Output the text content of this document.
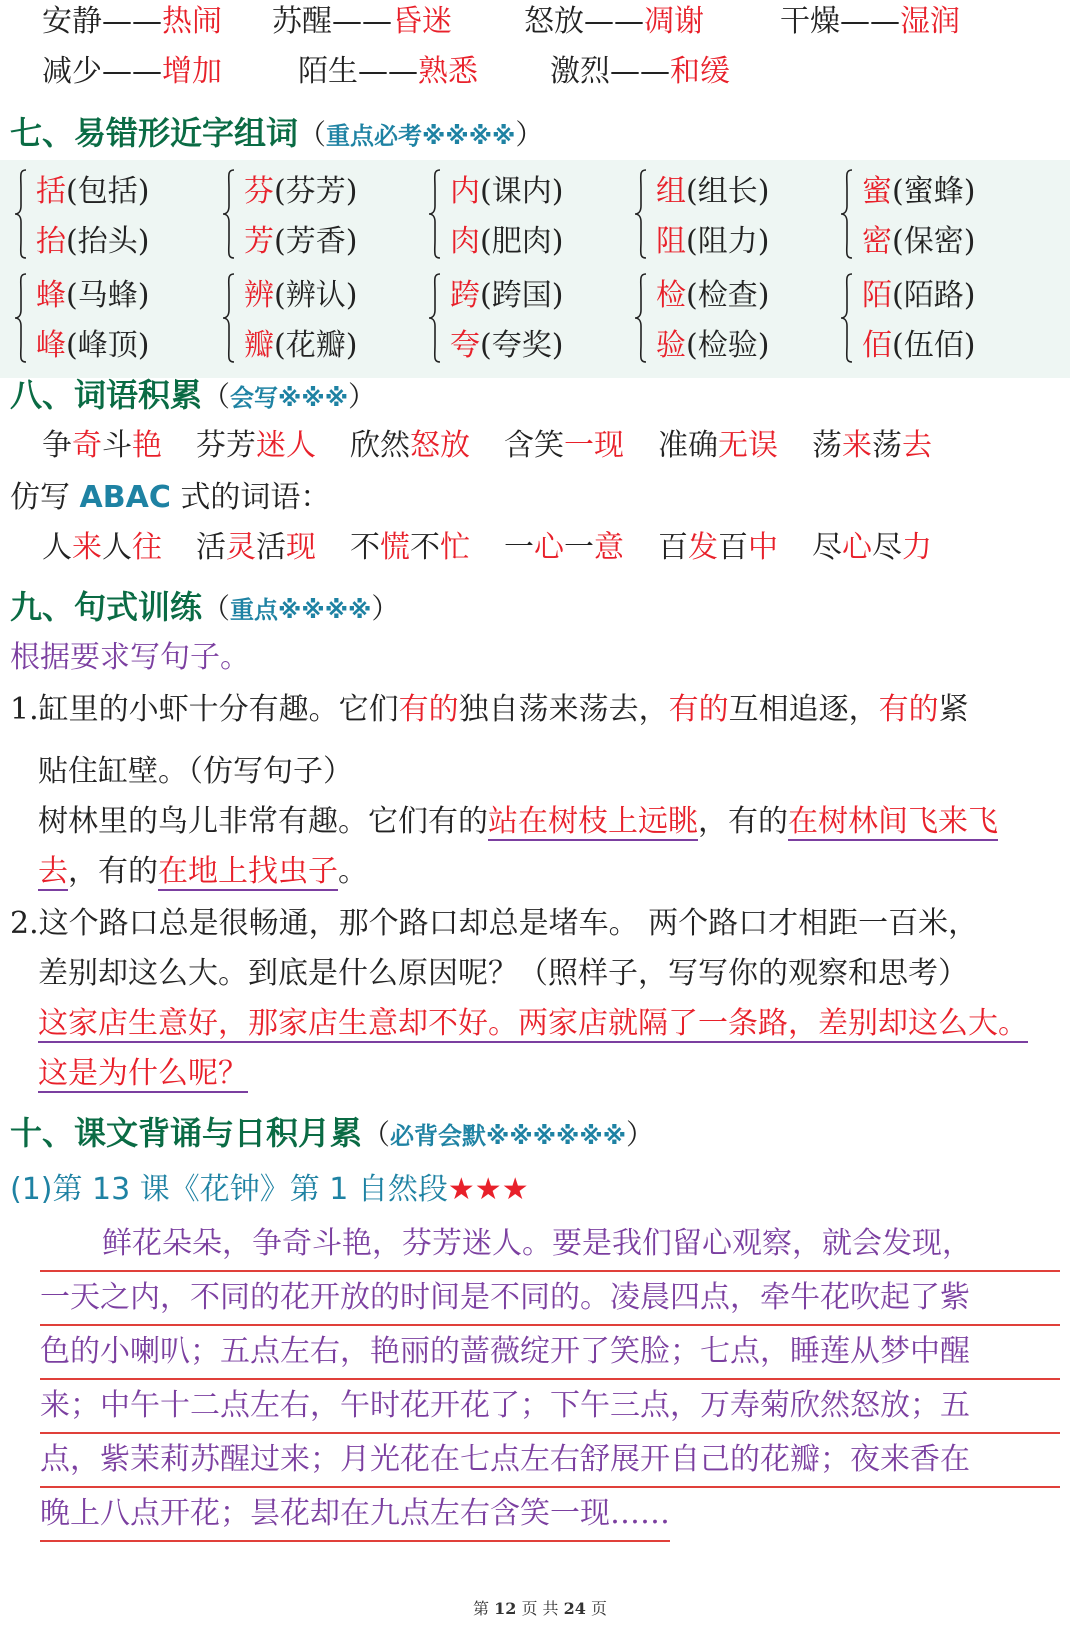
安静——热闹 苏醒——昏迷 怒放——凋谢	干燥——湿润
减少——增加	陌生——熟悉 激烈——和缓
七、易错形近字组词（重点必考※※※※）
括(包括)
抬(抬头)
芬(芬芳)
芳(芳香)
内(课内)
肉(肥肉)
组(组长)
阻(阻力)
蜜(蜜蜂)
密(保密)
蜂(马蜂)
峰(峰顶)
辨(辨认)
瓣(花瓣)
跨(跨国)
夸(夸奖)
检(检查)
验(检验)
陌(陌路)
佰(伍佰)
八、词语积累（会写※※※）
争奇斗艳 芬芳迷人 欣然怒放 含笑一现 准确无误 荡来荡去
仿写 ABAC 式的词语：
人来人往 活灵活现 不慌不忙 一心一意 百发百中 尽心尽力
九、句式训练（重点※※※※）
根据要求写句子。
1.缸里的小虾十分有趣。它们有的独自荡来荡去，有的互相追逐，有的紧
贴住缸壁。（仿写句子）
树林里的鸟儿非常有趣。它们有的站在树枝上远眺，有的在树林间飞来飞
去，有的在地上找虫子。
2.这个路口总是很畅通，那个路口却总是堵车。 两个路口才相距一百米，
差别却这么大。到底是什么原因呢？（照样子，写写你的观察和思考）
这家店生意好，那家店生意却不好。两家店就隔了一条路，差别却这么大。
这是为什么呢？
十、课文背诵与日积月累（必背会默※※※※※※）
(1)第 13 课《花钟》第 1 自然段★★★
鲜花朵朵，争奇斗艳，芬芳迷人。要是我们留心观察，就会发现，
一天之内，不同的花开放的时间是不同的。凌晨四点，牵牛花吹起了紫
色的小喇叭；五点左右，艳丽的蔷薇绽开了笑脸；七点，睡莲从梦中醒
来；中午十二点左右，午时花开花了；下午三点，万寿菊欣然怒放；五
点，紫茉莉苏醒过来；月光花在七点左右舒展开自己的花瓣；夜来香在
晚上八点开花；昙花却在九点左右含笑一现……
第 12 页 共 24 页
